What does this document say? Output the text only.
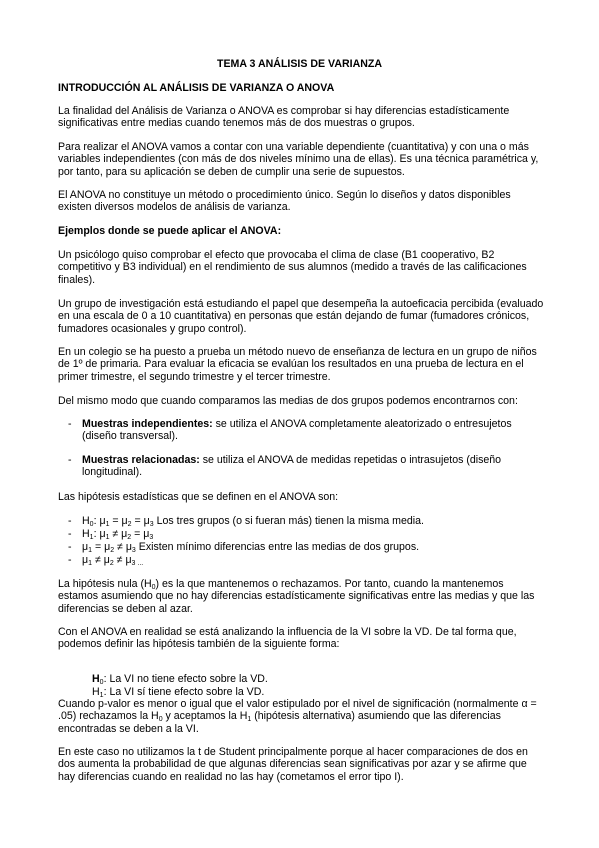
TEMA 3 ANÁLISIS DE VARIANZA

INTRODUCCIÓN AL ANÁLISIS DE VARIANZA O ANOVA

La finalidad del Análisis de Varianza o ANOVA es comprobar si hay diferencias estadísticamente significativas entre medias cuando tenemos más de dos muestras o grupos.

Para realizar el ANOVA vamos a contar con una variable dependiente (cuantitativa) y con una o más variables independientes (con más de dos niveles mínimo una de ellas). Es una técnica paramétrica y, por tanto, para su aplicación se deben de cumplir una serie de supuestos.

El ANOVA no constituye un método o procedimiento único. Según lo diseños y datos disponibles existen diversos modelos de análisis de varianza.

Ejemplos donde se puede aplicar el ANOVA:

Un psicólogo quiso comprobar el efecto que provocaba el clima de clase (B1 cooperativo, B2 competitivo y B3 individual) en el rendimiento de sus alumnos (medido a través de las calificaciones finales).

Un grupo de investigación está estudiando el papel que desempeña la autoeficacia percibida (evaluado en una escala de 0 a 10 cuantitativa) en personas que están dejando de fumar (fumadores crónicos, fumadores ocasionales y grupo control).

En un colegio se ha puesto a prueba un método nuevo de enseñanza de lectura en un grupo de niños de 1º de primaria. Para evaluar la eficacia se evalúan los resultados en una prueba de lectura en el primer trimestre, el segundo trimestre y el tercer trimestre.

Del mismo modo que cuando comparamos las medias de dos grupos podemos encontrarnos con:

- Muestras independientes: se utiliza el ANOVA completamente aleatorizado o entresujetos (diseño transversal).
- Muestras relacionadas: se utiliza el ANOVA de medidas repetidas o intrasujetos (diseño longitudinal).

Las hipótesis estadísticas que se definen en el ANOVA son:

- $H_0$: $\mu_1 = \mu_2 = \mu_3$ Los tres grupos (o si fueran más) tienen la misma media.
- $H_1$: $\mu_1 \ne \mu_2 = \mu_3$
- $\mu_1 = \mu_2 \ne \mu_3$ Existen mínimo diferencias entre las medias de dos grupos.
- $\mu_1 \ne \mu_2 \ne \mu_{3 ...}$

La hipótesis nula $(H_0)$ es la que mantenemos o rechazamos. Por tanto, cuando la mantenemos estamos asumiendo que no hay diferencias estadísticamente significativas entre las medias y que las diferencias se deben al azar.

Con el ANOVA en realidad se está analizando la influencia de la VI sobre la VD. De tal forma que, podemos definir las hipótesis también de la siguiente forma:

$H_0$: La VI no tiene efecto sobre la VD.

$H_1$: La VI sí tiene efecto sobre la VD.

Cuando p-valor es menor o igual que el valor estipulado por el nivel de significación (normalmente α = .05) rechazamos la $H_0$ y aceptamos la $H_1$ (hipótesis alternativa) asumiendo que las diferencias encontradas se deben a la VI.

En este caso no utilizamos la t de Student principalmente porque al hacer comparaciones de dos en dos aumenta la probabilidad de que algunas diferencias sean significativas por azar y se afirme que hay diferencias cuando en realidad no las hay (cometamos el error tipo I).
